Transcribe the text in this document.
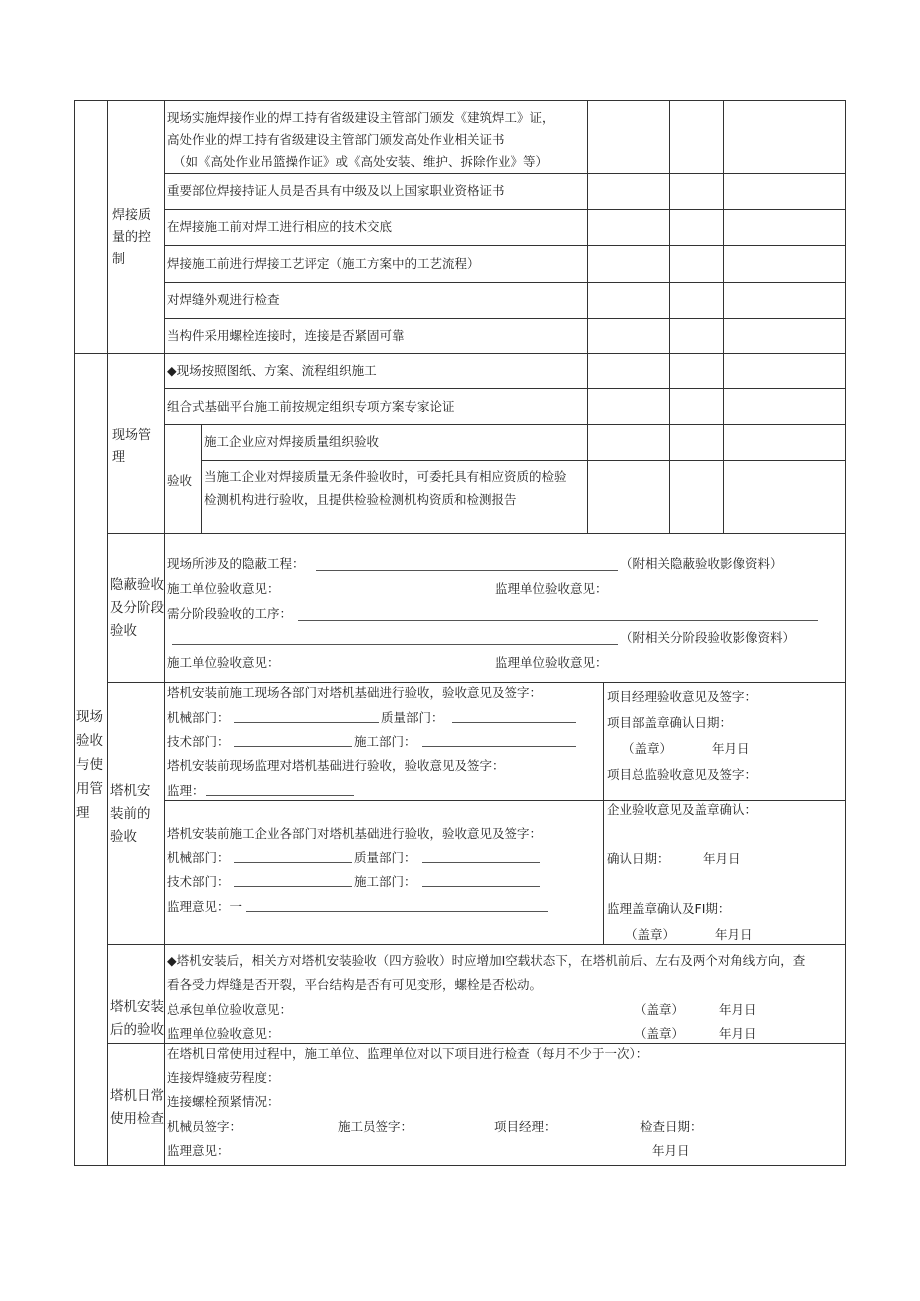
焊接质量的控制
现场实施焊接作业的焊工持有省级建设主管部门颁发《建筑焊工》证，
高处作业的焊工持有省级建设主管部门颁发高处作业相关证书
（如《高处作业吊篮操作证》或《高处安装、维护、拆除作业》等）
重要部位焊接持证人员是否具有中级及以上国家职业资格证书
在焊接施工前对焊工进行相应的技术交底
焊接施工前进行焊接工艺评定（施工方案中的工艺流程）
对焊缝外观进行检查
当构件采用螺栓连接时，连接是否紧固可靠
现场验收与使用管理
现场管理
◆现场按照图纸、方案、流程组织施工
组合式基础平台施工前按规定组织专项方案专家论证
验收
施工企业应对焊接质量组织验收
当施工企业对焊接质量无条件验收时，可委托具有相应资质的检验
检测机构进行验收，且提供检验检测机构资质和检测报告
隐蔽验收及分阶段验收
现场所涉及的隐蔽工程：	（附相关隐蔽验收影像资料）
施工单位验收意见：	监理单位验收意见：
需分阶段验收的工序：
（附相关分阶段验收影像资料）
施工单位验收意见：	监理单位验收意见：
塔机安装前的验收
塔机安装前施工现场各部门对塔机基础进行验收，验收意见及签字：
机械部门：	质量部门：
技术部门：	施工部门：
塔机安装前现场监理对塔机基础进行验收，验收意见及签字：
监理：
项目经理验收意见及签字：
项目部盖章确认日期：
（盖章）	年月日
项目总监验收意见及签字：
塔机安装前施工企业各部门对塔机基础进行验收，验收意见及签字：
机械部门：	质量部门：
技术部门：	施工部门：
监理意见：一
企业验收意见及盖章确认：
确认日期：	年月日
监理盖章确认及FI期：
（盖章）	年月日
塔机安装后的验收
◆塔机安装后，相关方对塔机安装验收（四方验收）时应增加I空载状态下，在塔机前后、左右及两个对角线方向，查
看各受力焊缝是否开裂，平台结构是否有可见变形，螺栓是否松动。
总承包单位验收意见：	（盖章）	年月日
监理单位验收意见：	（盖章）	年月日
塔机日常使用检查
在塔机日常使用过程中，施工单位、监理单位对以下项目进行检查（每月不少于一次）：
连接焊缝疲劳程度：
连接螺栓预紧情况：
机械员签字：	施工员签字：	项目经理：	检查日期：
监理意见：	年月日
